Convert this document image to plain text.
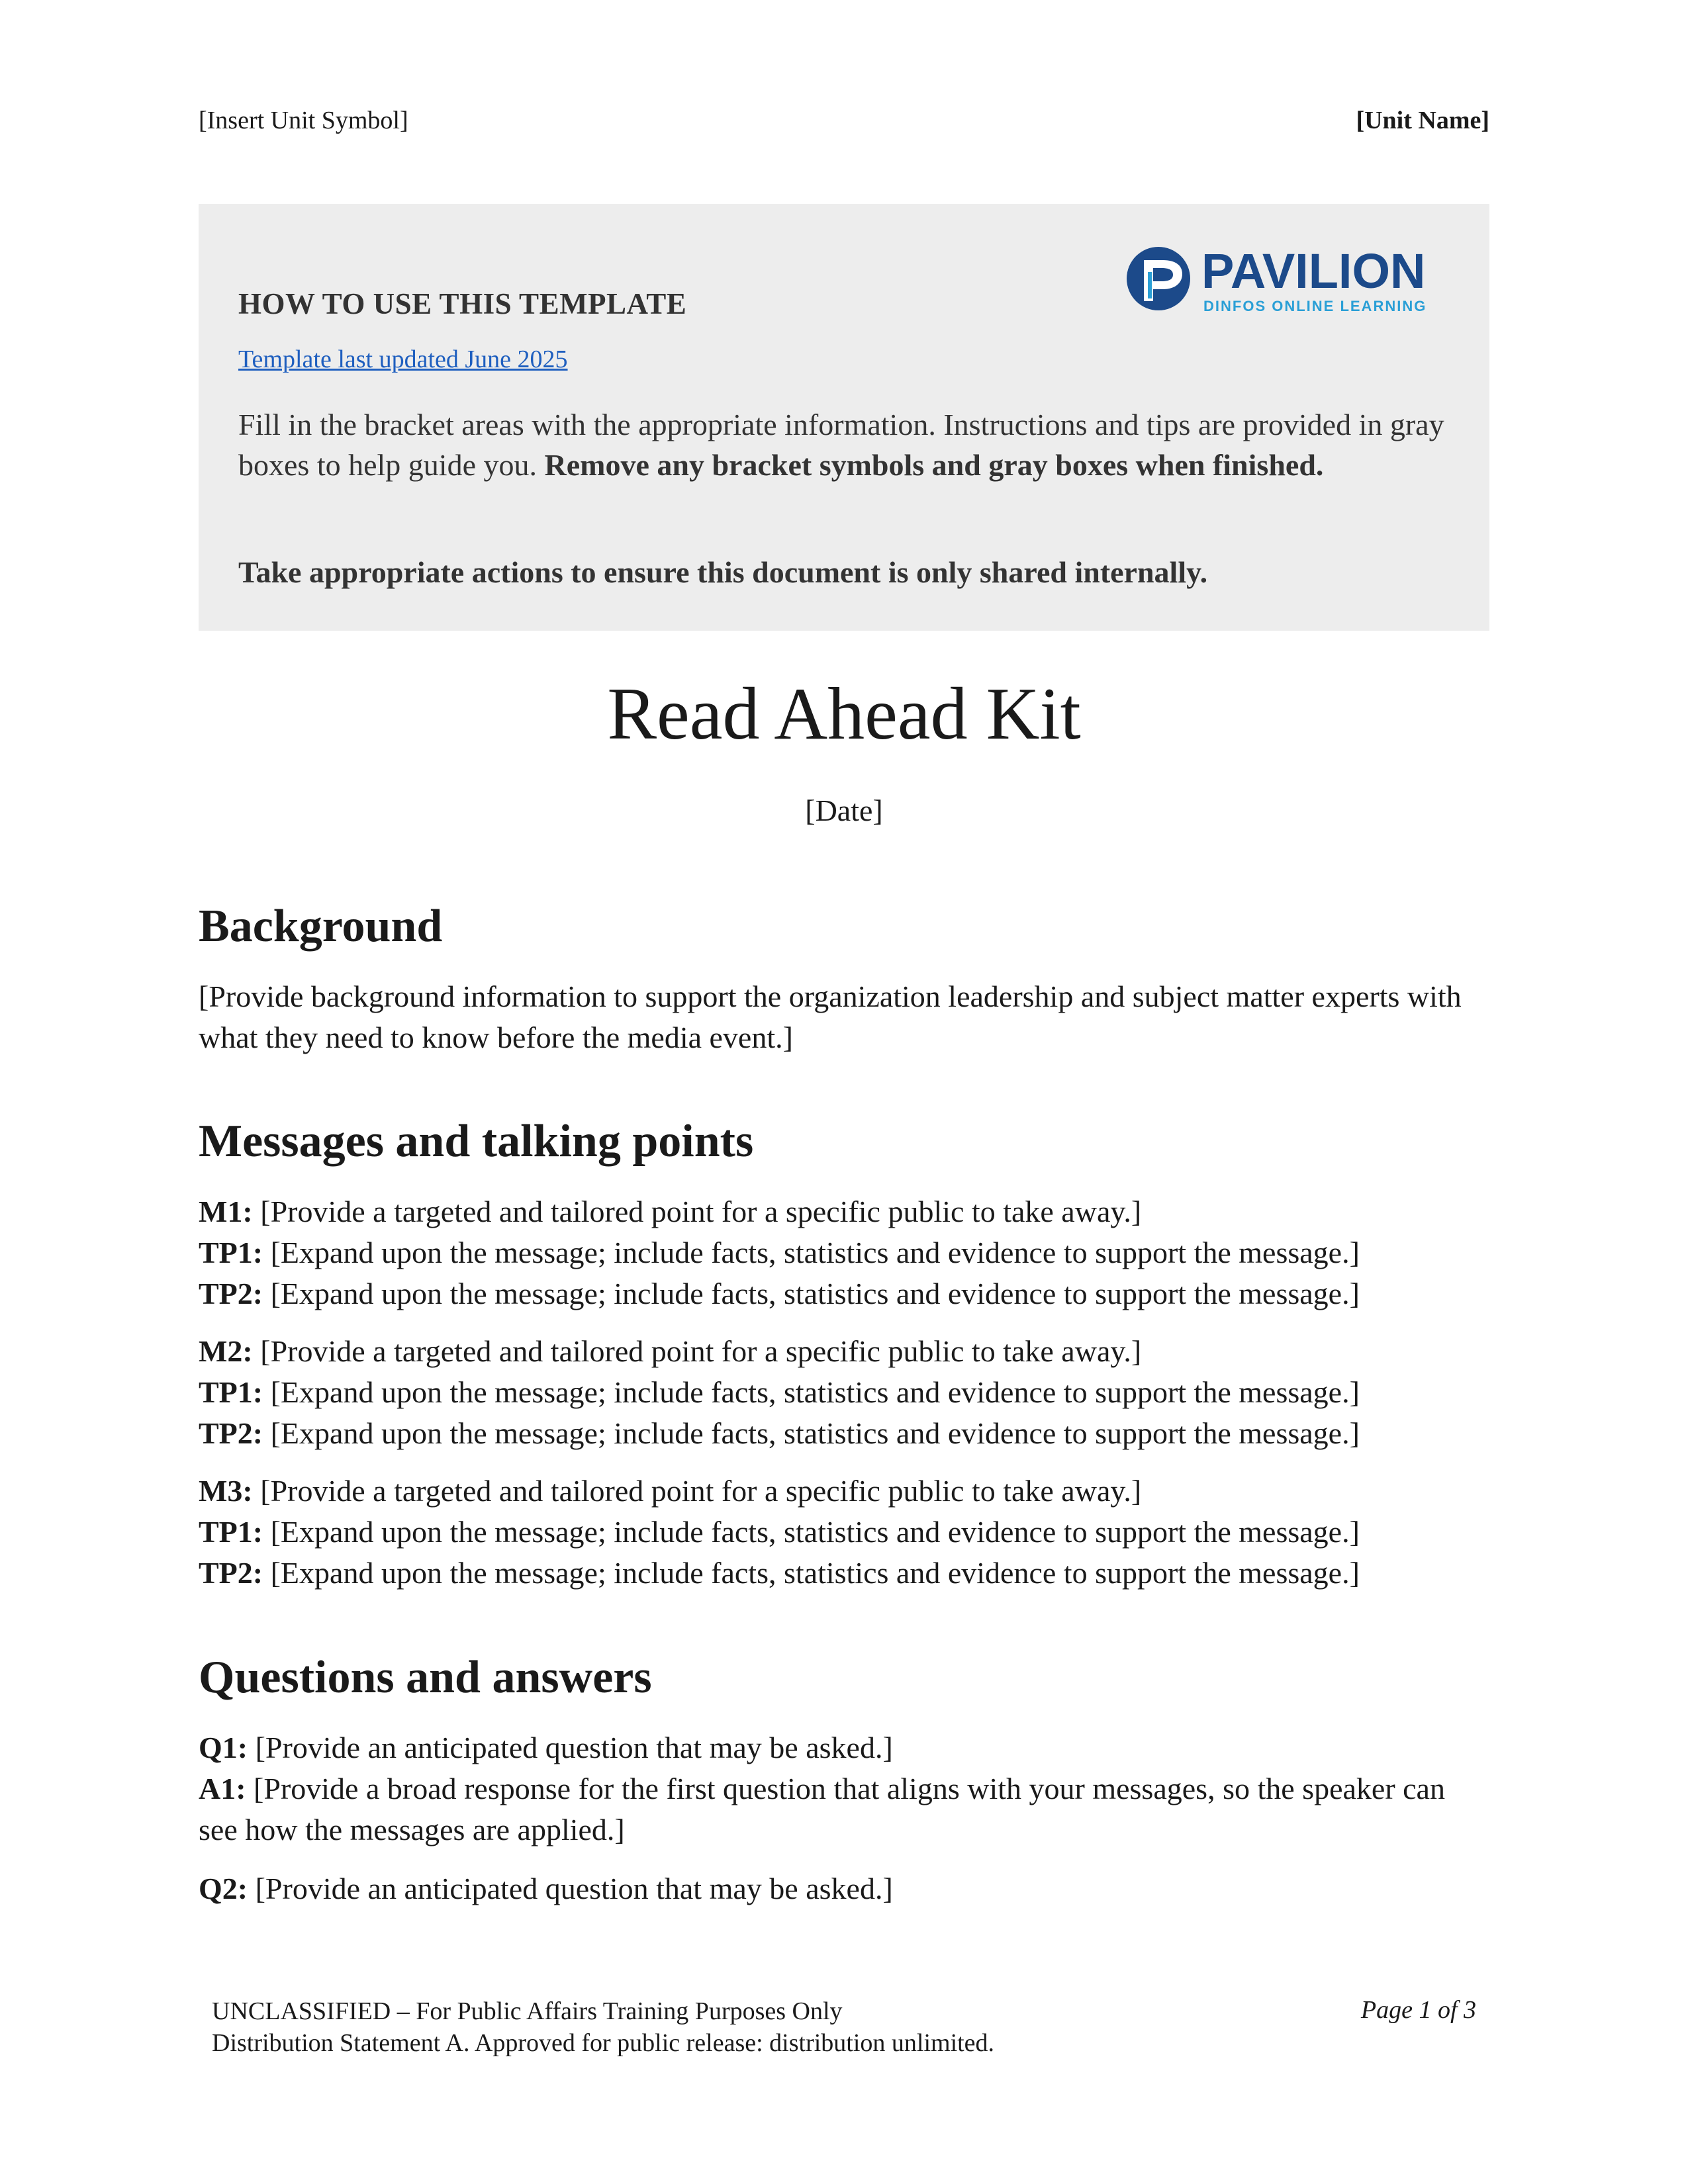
[Insert Unit Symbol]	[Unit Name]
HOW TO USE THIS TEMPLATE
Template last updated June 2025
Fill in the bracket areas with the appropriate information. Instructions and tips are provided in gray boxes to help guide you. Remove any bracket symbols and gray boxes when finished.
Take appropriate actions to ensure this document is only shared internally.
PAVILION
DINFOS ONLINE LEARNING
Read Ahead Kit
[Date]
Background
[Provide background information to support the organization leadership and subject matter experts with what they need to know before the media event.]
Messages and talking points
M1: [Provide a targeted and tailored point for a specific public to take away.]
TP1: [Expand upon the message; include facts, statistics and evidence to support the message.]
TP2: [Expand upon the message; include facts, statistics and evidence to support the message.]
M2: [Provide a targeted and tailored point for a specific public to take away.]
TP1: [Expand upon the message; include facts, statistics and evidence to support the message.]
TP2: [Expand upon the message; include facts, statistics and evidence to support the message.]
M3: [Provide a targeted and tailored point for a specific public to take away.]
TP1: [Expand upon the message; include facts, statistics and evidence to support the message.]
TP2: [Expand upon the message; include facts, statistics and evidence to support the message.]
Questions and answers
Q1: [Provide an anticipated question that may be asked.]
A1: [Provide a broad response for the first question that aligns with your messages, so the speaker can see how the messages are applied.]
Q2: [Provide an anticipated question that may be asked.]
UNCLASSIFIED – For Public Affairs Training Purposes Only
Distribution Statement A. Approved for public release: distribution unlimited.
Page 1 of 3
